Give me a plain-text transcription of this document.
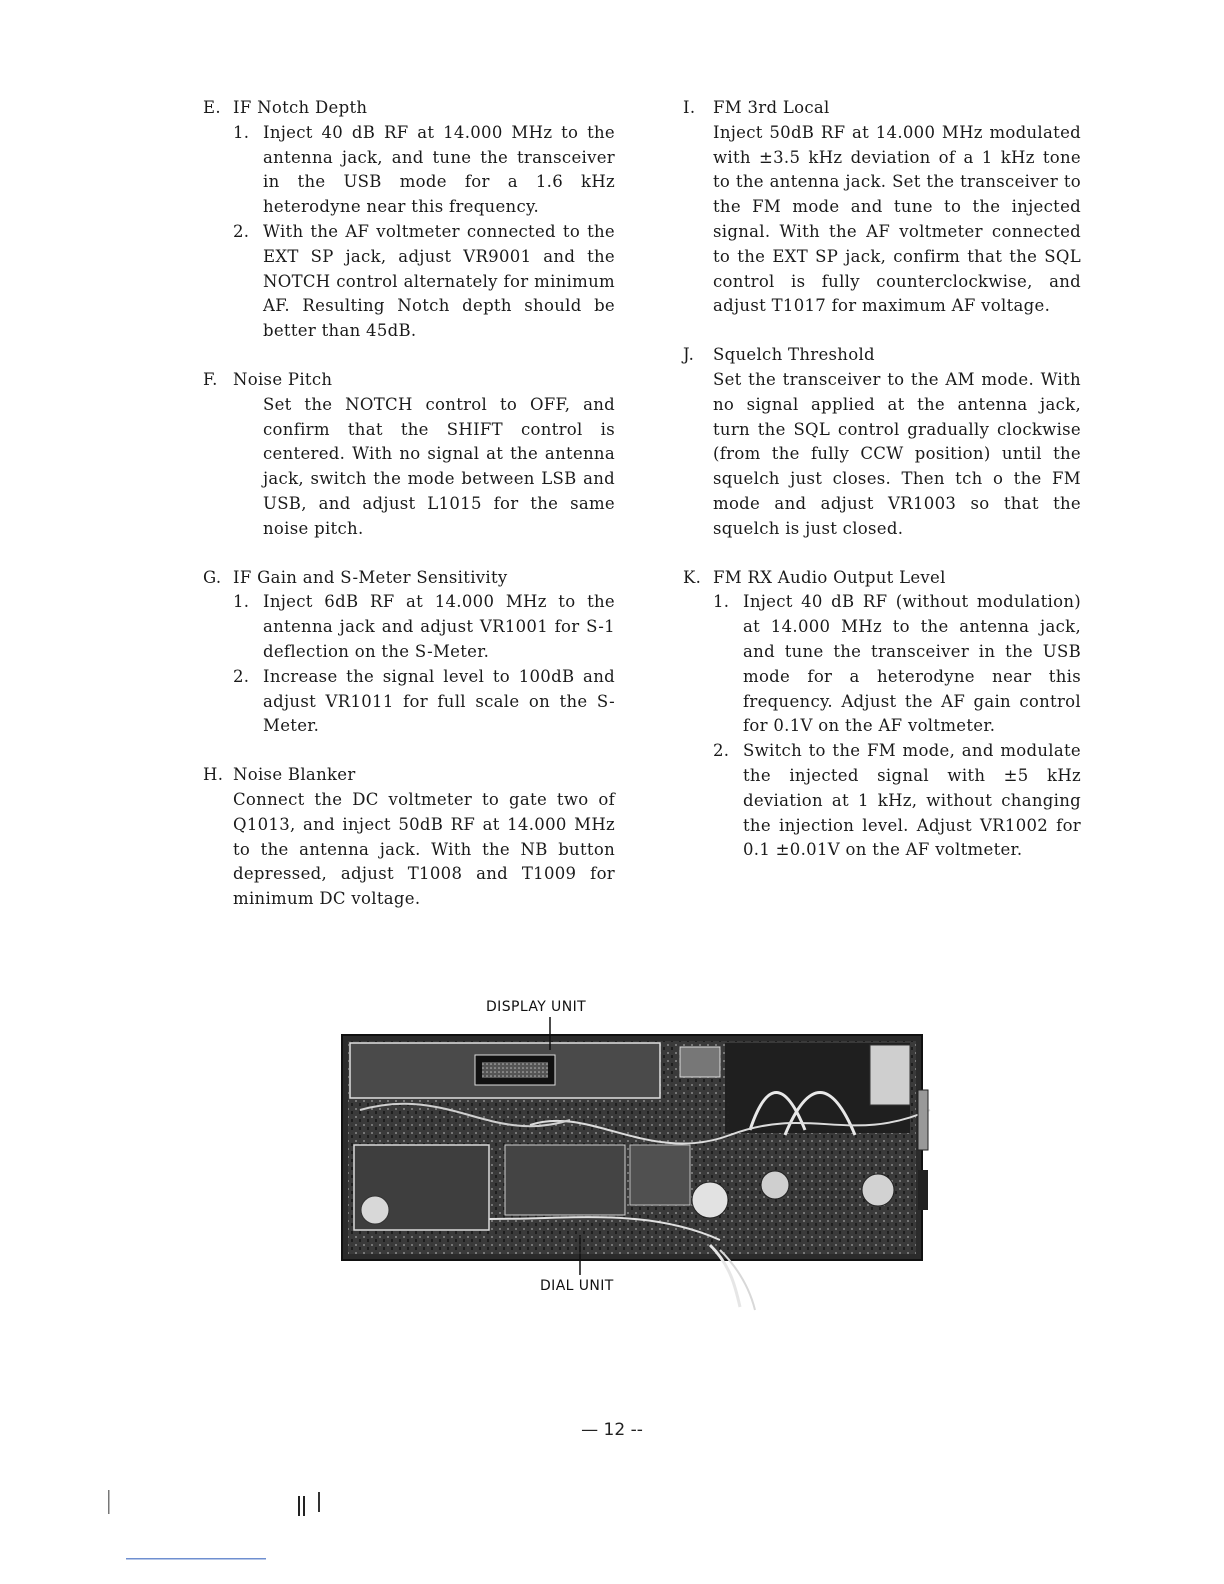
E. IF Notch Depth
1. Inject 40 dB RF at 14.000 MHz to the antenna jack, and tune the transceiver in the USB mode for a 1.6 kHz heterodyne near this frequency.
2. With the AF voltmeter connected to the EXT SP jack, adjust VR9001 and the NOTCH control alternately for minimum AF. Resulting Notch depth should be better than 45dB.
F. Noise Pitch
Set the NOTCH control to OFF, and confirm that the SHIFT control is centered. With no signal at the antenna jack, switch the mode between LSB and USB, and adjust L1015 for the same noise pitch.
G. IF Gain and S-Meter Sensitivity
1. Inject 6dB RF at 14.000 MHz to the antenna jack and adjust VR1001 for S-1 deflection on the S-Meter.
2. Increase the signal level to 100dB and adjust VR1011 for full scale on the S-Meter.
H. Noise Blanker
Connect the DC voltmeter to gate two of Q1013, and inject 50dB RF at 14.000 MHz to the antenna jack. With the NB button depressed, adjust T1008 and T1009 for minimum DC voltage.
I.	FM 3rd Local
Inject 50dB RF at 14.000 MHz modulated with ±3.5 kHz deviation of a 1 kHz tone to the antenna jack. Set the transceiver to the FM mode and tune to the injected signal. With the AF voltmeter connected to the EXT SP jack, confirm that the SQL control is fully counterclockwise, and adjust T1017 for maximum AF voltage.
J.	Squelch Threshold
Set the transceiver to the AM mode. With no signal applied at the antenna jack, turn the SQL control gradually clockwise (from the fully CCW position) until the squelch just closes. Then tch o the FM mode and adjust VR1003 so that the squelch is just closed.
K. FM RX Audio Output Level
1. Inject 40 dB RF (without modulation) at 14.000 MHz to the antenna jack, and tune the transceiver in the USB mode for a heterodyne near this frequency. Adjust the AF gain control for 0.1V on the AF voltmeter.
2. Switch to the FM mode, and modulate the injected signal with ±5 kHz deviation at 1 kHz, without changing the injection level. Adjust VR1002 for 0.1 ±0.01V on the AF voltmeter.
DISPLAY UNIT
DIAL UNIT
— 12 --
